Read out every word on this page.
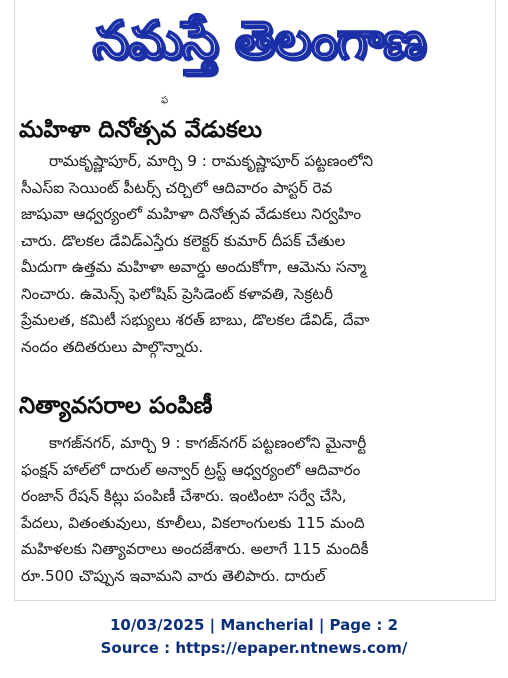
నమస్తే తెలంగాణ
ఫ
మహిళా దినోత్సవ వేడుకలు

రామకృష్ణాపూర్, మార్చి 9 : రామకృష్ణాపూర్ పట్టణంలోని

సీఎస్ఐ సెయింట్ పీటర్స్ చర్చిలో ఆదివారం పాస్టర్ రెవ

జాషువా ఆధ్వర్యంలో మహిళా దినోత్సవ వేడుకలు నిర్వహిం

చారు. డొలకల డేవిడ్ఎస్తేరు కలెక్టర్ కుమార్ దీపక్ చేతుల

మీదుగా ఉత్తమ మహిళా అవార్డు అందుకోగా, ఆమెను సన్మా

నించారు. ఉమెన్స్ ఫెలోషిప్ ప్రెసిడెంట్ కళావతి, సెక్రటరీ

ప్రేమలత, కమిటీ సభ్యులు శరత్ బాబు, డొలకల డేవిడ్, దేవా

నందం తదితరులు పాల్గొన్నారు.

నిత్యావసరాల పంపిణీ

కాగజ్‌నగర్, మార్చి 9 : కాగజ్‌నగర్ పట్టణంలోని మైనార్టీ

ఫంక్షన్ హాల్‌లో దారుల్ అన్వార్ ట్రస్ట్ ఆధ్వర్యంలో ఆదివారం

రంజాన్ రేషన్ కిట్లు పంపిణీ చేశారు. ఇంటింటా సర్వే చేసి,

పేదలు, వితంతువులు, కూలీలు, వికలాంగులకు 115 మంది

మహిళలకు నిత్యావరాలు అందజేశారు. అలాగే 115 మందికీ

రూ.500 చొప్పున ఇవామని వారు తెలిపారు. దారుల్

10/03/2025 | Mancherial | Page : 2
Source : https://epaper.ntnews.com/
